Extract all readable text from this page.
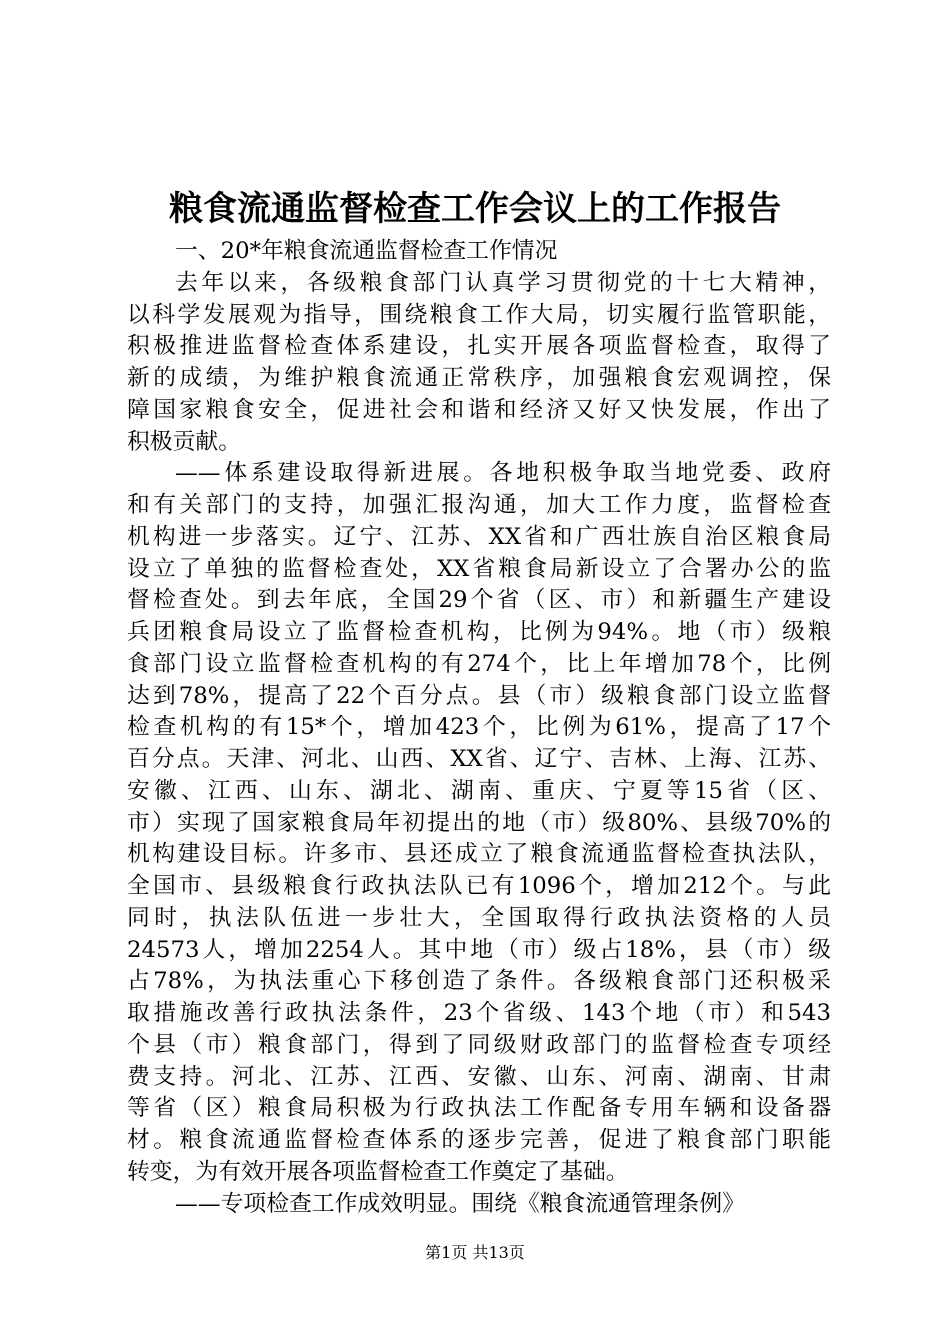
粮食流通监督检查工作会议上的工作报告
一、20*年粮食流通监督检查工作情况
去年以来，各级粮食部门认真学习贯彻党的十七大精神，
以科学发展观为指导，围绕粮食工作大局，切实履行监管职能，
积极推进监督检查体系建设，扎实开展各项监督检查，取得了
新的成绩，为维护粮食流通正常秩序，加强粮食宏观调控，保
障国家粮食安全，促进社会和谐和经济又好又快发展，作出了
积极贡献。
——体系建设取得新进展。各地积极争取当地党委、政府
和有关部门的支持，加强汇报沟通，加大工作力度，监督检查
机构进一步落实。辽宁、江苏、XX省和广西壮族自治区粮食局
设立了单独的监督检查处，XX省粮食局新设立了合署办公的监
督检查处。到去年底，全国29个省（区、市）和新疆生产建设
兵团粮食局设立了监督检查机构，比例为94%。地（市）级粮
食部门设立监督检查机构的有274个，比上年增加78个，比例
达到78%，提高了22个百分点。县（市）级粮食部门设立监督
检查机构的有15*个，增加423个，比例为61%，提高了17个
百分点。天津、河北、山西、XX省、辽宁、吉林、上海、江苏、
安徽、江西、山东、湖北、湖南、重庆、宁夏等15省（区、
市）实现了国家粮食局年初提出的地（市）级80%、县级70%的
机构建设目标。许多市、县还成立了粮食流通监督检查执法队，
全国市、县级粮食行政执法队已有1096个，增加212个。与此
同时，执法队伍进一步壮大，全国取得行政执法资格的人员
24573人，增加2254人。其中地（市）级占18%，县（市）级
占78%，为执法重心下移创造了条件。各级粮食部门还积极采
取措施改善行政执法条件，23个省级、143个地（市）和543
个县（市）粮食部门，得到了同级财政部门的监督检查专项经
费支持。河北、江苏、江西、安徽、山东、河南、湖南、甘肃
等省（区）粮食局积极为行政执法工作配备专用车辆和设备器
材。粮食流通监督检查体系的逐步完善，促进了粮食部门职能
转变，为有效开展各项监督检查工作奠定了基础。
——专项检查工作成效明显。围绕《粮食流通管理条例》
第1页 共13页
